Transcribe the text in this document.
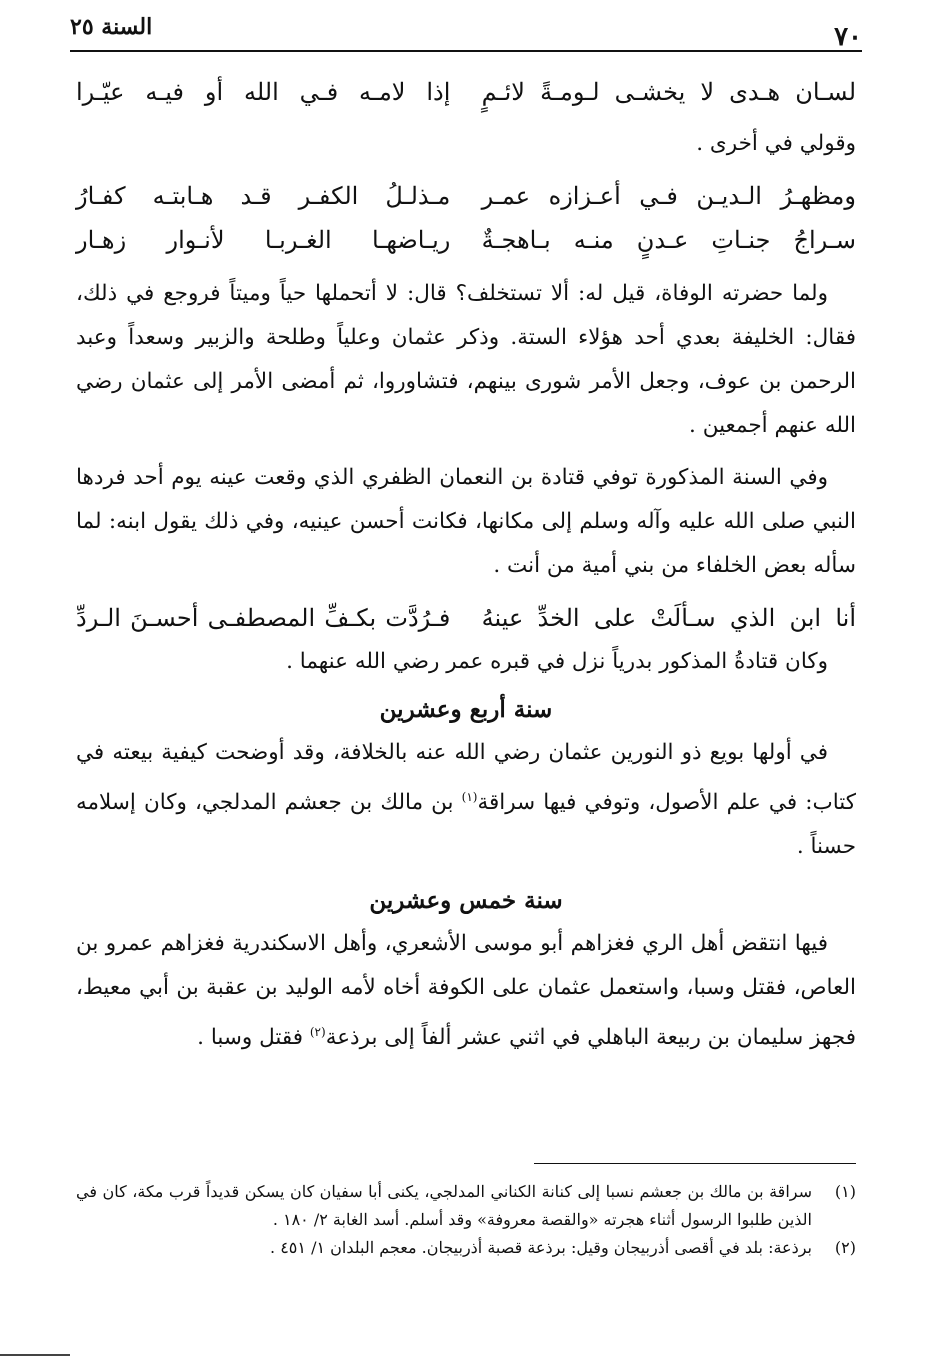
٧٠
السنة ٢٥
لسـان هـدى لا يخشـى لـومـةً لائـمٍ
إذا لامـه فـي الله أو فيـه عيّـرا

وقولي في أخرى .

ومظهـرُ الـديـن فـي أعـزازه عمـر
مـذلـلُ الكفـر قـد هـابتـه كفـارُ
سـراجُ جنـاتِ عـدنٍ منـه بـاهجـةٌ
ريـاضهـا الغـربـا لأنـوار زهـار

ولما حضرته الوفاة، قيل له: ألا تستخلف؟ قال: لا أتحملها حياً وميتاً فروجع في ذلك، فقال: الخليفة بعدي أحد هؤلاء الستة. وذكر عثمان وعلياً وطلحة والزبير وسعداً وعبد الرحمن بن عوف، وجعل الأمر شورى بينهم، فتشاوروا، ثم أمضى الأمر إلى عثمان رضي الله عنهم أجمعين .

وفي السنة المذكورة توفي قتادة بن النعمان الظفري الذي وقعت عينه يوم أحد فردها النبي صلى الله عليه وآله وسلم إلى مكانها، فكانت أحسن عينيه، وفي ذلك يقول ابنه: لما سأله بعض الخلفاء من بني أمية من أنت .

أنا ابن الذي سـألَتْ على الخدِّ عينهُ
فـرُدَّت بكـفِّ المصطفـى أحسـنَ الـردِّ

وكان قتادةُ المذكور بدرياً نزل في قبره عمر رضي الله عنهما .

سنة أربع وعشرين

في أولها بويع ذو النورين عثمان رضي الله عنه بالخلافة، وقد أوضحت كيفية بيعته في كتاب: في علم الأصول، وتوفي فيها سراقة$^{(١)}$ بن مالك بن جعشم المدلجي، وكان إسلامه حسناً .

سنة خمس وعشرين

فيها انتقض أهل الري فغزاهم أبو موسى الأشعري، وأهل الاسكندرية فغزاهم عمرو بن العاص، فقتل وسبا، واستعمل عثمان على الكوفة أخاه لأمه الوليد بن عقبة بن أبي معيط، فجهز سليمان بن ربيعة الباهلي في اثني عشر ألفاً إلى برذعة$^{(٢)}$ فقتل وسبا .

(١)
سراقة بن مالك بن جعشم نسبا إلى كنانة الكناني المدلجي، يكنى أبا سفيان كان يسكن قديداً قرب مكة، كان في الذين طلبوا الرسول أثناء هجرته «والقصة معروفة» وقد أسلم. أسد الغابة ٢/ ١٨٠ .
(٢)
برذعة: بلد في أقصى أذربيجان وقيل: برذعة قصبة أذربيجان. معجم البلدان ١/ ٤٥١ .
